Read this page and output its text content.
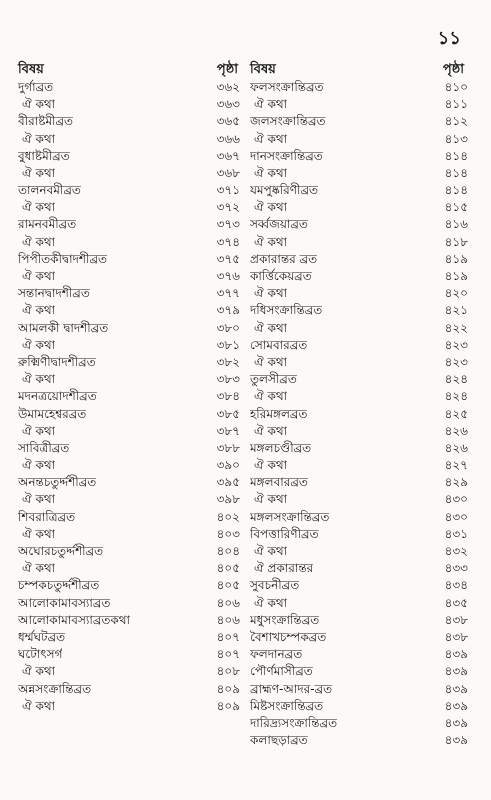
১১
বিষয়	পৃষ্ঠা
দুর্গাব্রত	৩৬২
ঐ কথা	৩৬৩
বীরাষ্টমীব্রত	৩৬৫
ঐ কথা	৩৬৬
বুধাষ্টমীব্রত	৩৬৭
ঐ কথা	৩৬৮
তালনবমীব্রত	৩৭১
ঐ কথা	৩৭২
রামনবমীব্রত	৩৭৩
ঐ কথা	৩৭৪
পিপীতকীদ্বাদশীব্রত	৩৭৫
ঐ কথা	৩৭৬
সন্তানদ্বাদশীব্রত	৩৭৭
ঐ কথা	৩৭৯
আমলকী দ্বাদশীব্রত	৩৮০
ঐ কথা	৩৮১
রুক্মিণীদ্বাদশীব্রত	৩৮২
ঐ কথা	৩৮৩
মদনত্রয়োদশীব্রত	৩৮৪
উমামহেশ্বরব্রত	৩৮৫
ঐ কথা	৩৮৭
সাবিত্রীব্রত	৩৮৮
ঐ কথা	৩৯০
অনন্তচতুর্দ্দশীব্রত	৩৯৫
ঐ কথা	৩৯৮
শিবরাত্রিব্রত	৪০২
ঐ কথা	৪০৩
অঘোরচতুর্দ্দশীব্রত	৪০৪
ঐ কথা	৪০৫
চম্পকচতুর্দ্দশীব্রত	৪০৫
আলোকামাবস্যাব্রত	৪০৬
আলোকামাবস্যাব্রতকথা	৪০৬
ধর্ম্মঘটব্রত	৪০৭
ঘটোৎসর্গ	৪০৭
ঐ কথা	৪০৮
অন্নসংক্রান্তিব্রত	৪০৯
ঐ কথা	৪০৯
বিষয়	পৃষ্ঠা
ফলসংক্রান্তিব্রত	৪১০
ঐ কথা	৪১১
জলসংক্রান্তিব্রত	৪১২
ঐ কথা	৪১৩
দানসংক্রান্তিব্রত	৪১৪
ঐ কথা	৪১৪
যমপুষ্করিণীব্রত	৪১৪
ঐ কথা	৪১৫
সর্ব্বজয়াব্রত	৪১৬
ঐ কথা	৪১৮
প্রকারান্তর ব্রত	৪১৯
কার্ত্তিকেয়ব্রত	৪১৯
ঐ কথা	৪২০
দধিসংক্রান্তিব্রত	৪২১
ঐ কথা	৪২২
সোমবারব্রত	৪২৩
ঐ কথা	৪২৩
তুলসীব্রত	৪২৪
ঐ কথা	৪২৪
হরিমঙ্গলব্রত	৪২৫
ঐ কথা	৪২৬
মঙ্গলচণ্ডীব্রত	৪২৬
ঐ কথা	৪২৭
মঙ্গলবারব্রত	৪২৯
ঐ কথা	৪৩০
মঙ্গলসংক্রান্তিব্রত	৪৩০
বিপত্তারিণীব্রত	৪৩১
ঐ কথা	৪৩২
ঐ প্রকারান্তর	৪৩৩
সুবচনীব্রত	৪৩৪
ঐ কথা	৪৩৫
মধুসংক্রান্তিব্রত	৪৩৮
বৈশাখচম্পকব্রত	৪৩৮
ফলদানব্রত	৪৩৯
পৌর্ণমাসীব্রত	৪৩৯
ব্রাহ্মণ-আদর-ব্রত	৪৩৯
মিষ্টসংক্রান্তিব্রত	৪৩৯
দারিদ্র্যসংক্রান্তিব্রত	৪৩৯
কলাছড়াব্রত	৪৩৯
